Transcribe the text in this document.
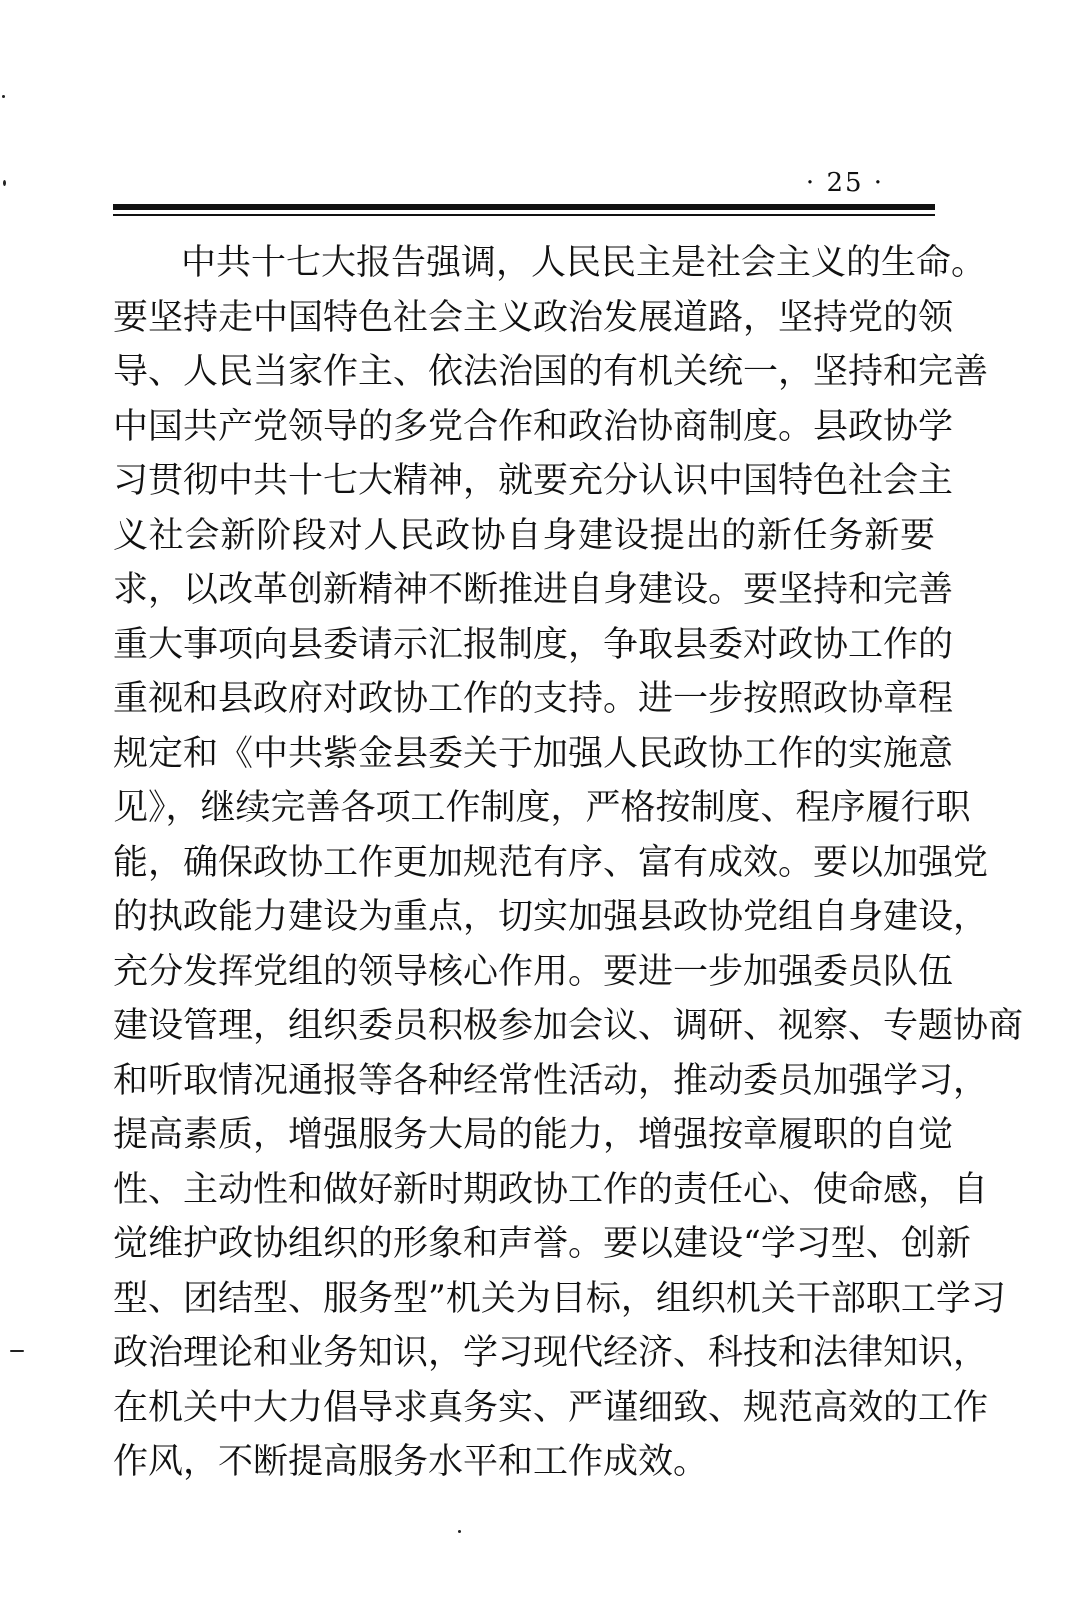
· 25 ·
中共十七大报告强调，人民民主是社会主义的生命。
要坚持走中国特色社会主义政治发展道路，坚持党的领
导、人民当家作主、依法治国的有机关统一，坚持和完善
中国共产党领导的多党合作和政治协商制度。县政协学
习贯彻中共十七大精神，就要充分认识中国特色社会主
义社会新阶段对人民政协自身建设提出的新任务新要
求，以改革创新精神不断推进自身建设。要坚持和完善
重大事项向县委请示汇报制度，争取县委对政协工作的
重视和县政府对政协工作的支持。进一步按照政协章程
规定和《中共紫金县委关于加强人民政协工作的实施意
见》，继续完善各项工作制度，严格按制度、程序履行职
能，确保政协工作更加规范有序、富有成效。要以加强党
的执政能力建设为重点，切实加强县政协党组自身建设，
充分发挥党组的领导核心作用。要进一步加强委员队伍
建设管理，组织委员积极参加会议、调研、视察、专题协商
和听取情况通报等各种经常性活动，推动委员加强学习，
提高素质，增强服务大局的能力，增强按章履职的自觉
性、主动性和做好新时期政协工作的责任心、使命感，自
觉维护政协组织的形象和声誉。要以建设“学习型、创新
型、团结型、服务型”机关为目标，组织机关干部职工学习
政治理论和业务知识，学习现代经济、科技和法律知识，
在机关中大力倡导求真务实、严谨细致、规范高效的工作
作风，不断提高服务水平和工作成效。
